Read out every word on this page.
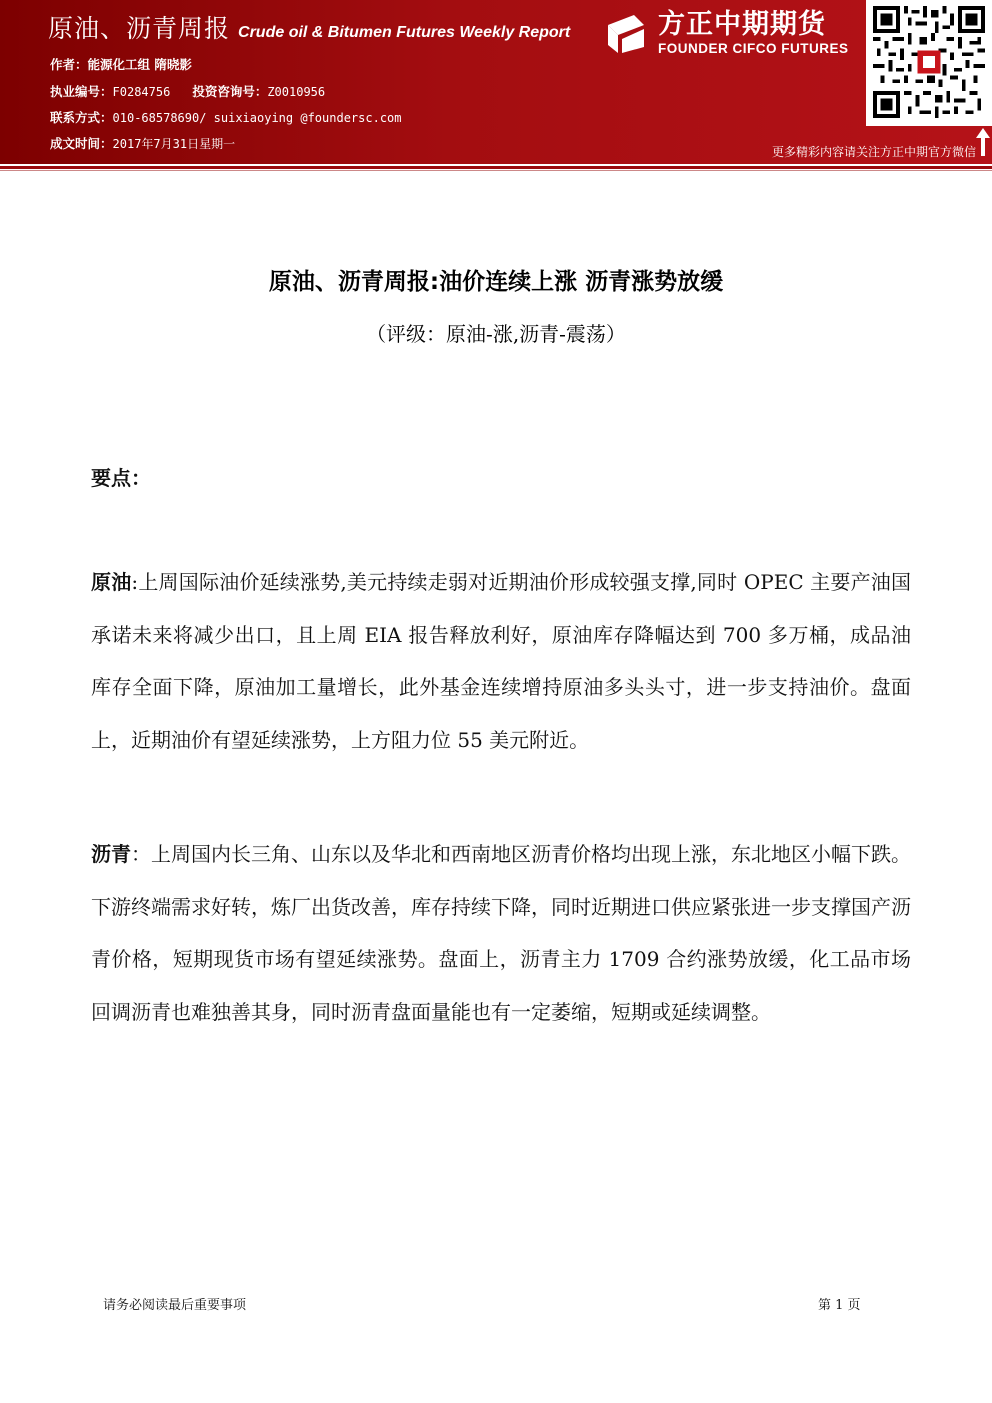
原油、沥青周报 Crude oil & Bitumen Futures Weekly Report
作者：能源化工组 隋晓影
执业编号：F0284756 投资咨询号：Z0010956
联系方式：010-68578690/ suixiaoying @foundersc.com
成文时间：2017年7月31日星期一
方正中期期货
FOUNDER CIFCO FUTURES
更多精彩内容请关注方正中期官方微信
原油、沥青周报:油价连续上涨 沥青涨势放缓
（评级：原油-涨,沥青-震荡）
要点：
原油:上周国际油价延续涨势,美元持续走弱对近期油价形成较强支撑,同时 OPEC 主要产油国承诺未来将减少出口，且上周 EIA 报告释放利好，原油库存降幅达到 700 多万桶，成品油库存全面下降，原油加工量增长，此外基金连续增持原油多头头寸，进一步支持油价。盘面上，近期油价有望延续涨势，上方阻力位 55 美元附近。
沥青：上周国内长三角、山东以及华北和西南地区沥青价格均出现上涨，东北地区小幅下跌。下游终端需求好转，炼厂出货改善，库存持续下降，同时近期进口供应紧张进一步支撑国产沥青价格，短期现货市场有望延续涨势。盘面上，沥青主力 1709 合约涨势放缓，化工品市场回调沥青也难独善其身，同时沥青盘面量能也有一定萎缩，短期或延续调整。
请务必阅读最后重要事项	第 1 页
